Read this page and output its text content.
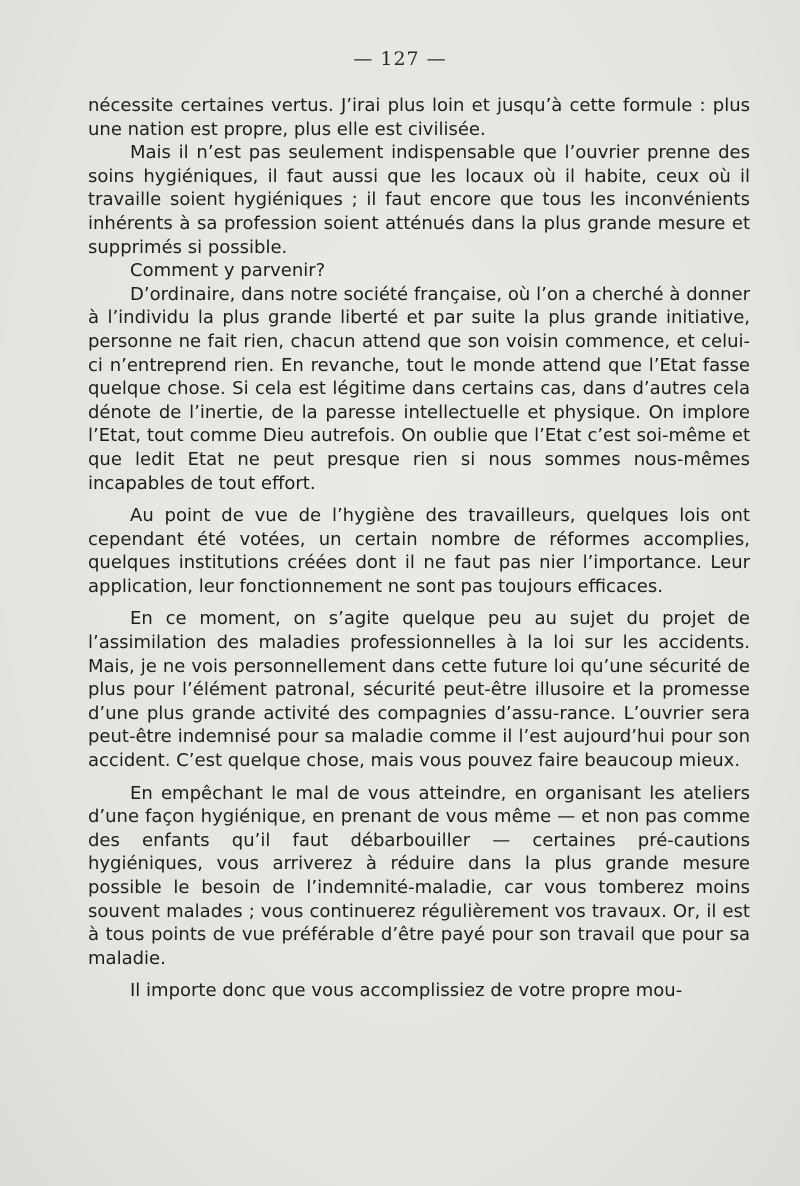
— 127 —

nécessite certaines vertus. J’irai plus loin et jusqu’à cette formule : plus une nation est propre, plus elle est civilisée.

Mais il n’est pas seulement indispensable que l’ouvrier prenne des soins hygiéniques, il faut aussi que les locaux où il habite, ceux où il travaille soient hygiéniques ; il faut encore que tous les inconvénients inhérents à sa profession soient atténués dans la plus grande mesure et supprimés si possible.

Comment y parvenir?

D’ordinaire, dans notre société française, où l’on a cherché à donner à l’individu la plus grande liberté et par suite la plus grande initiative, personne ne fait rien, chacun attend que son voisin commence, et celui-ci n’entreprend rien. En revanche, tout le monde attend que l’Etat fasse quelque chose. Si cela est légitime dans certains cas, dans d’autres cela dénote de l’inertie, de la paresse intellectuelle et physique. On implore l’Etat, tout comme Dieu autrefois. On oublie que l’Etat c’est soi-même et que ledit Etat ne peut presque rien si nous sommes nous-mêmes incapables de tout effort.

Au point de vue de l’hygiène des travailleurs, quelques lois ont cependant été votées, un certain nombre de réformes accomplies, quelques institutions créées dont il ne faut pas nier l’importance. Leur application, leur fonctionnement ne sont pas toujours efficaces.

En ce moment, on s’agite quelque peu au sujet du projet de l’assimilation des maladies professionnelles à la loi sur les accidents. Mais, je ne vois personnellement dans cette future loi qu’une sécurité de plus pour l’élément patronal, sécurité peut-être illusoire et la promesse d’une plus grande activité des compagnies d’assu-rance. L’ouvrier sera peut-être indemnisé pour sa maladie comme il l’est aujourd’hui pour son accident. C’est quelque chose, mais vous pouvez faire beaucoup mieux.

En empêchant le mal de vous atteindre, en organisant les ateliers d’une façon hygiénique, en prenant de vous même — et non pas comme des enfants qu’il faut débarbouiller — certaines pré-cautions hygiéniques, vous arriverez à réduire dans la plus grande mesure possible le besoin de l’indemnité-maladie, car vous tomberez moins souvent malades ; vous continuerez régulièrement vos travaux. Or, il est à tous points de vue préférable d’être payé pour son travail que pour sa maladie.

Il importe donc que vous accomplissiez de votre propre mou-
